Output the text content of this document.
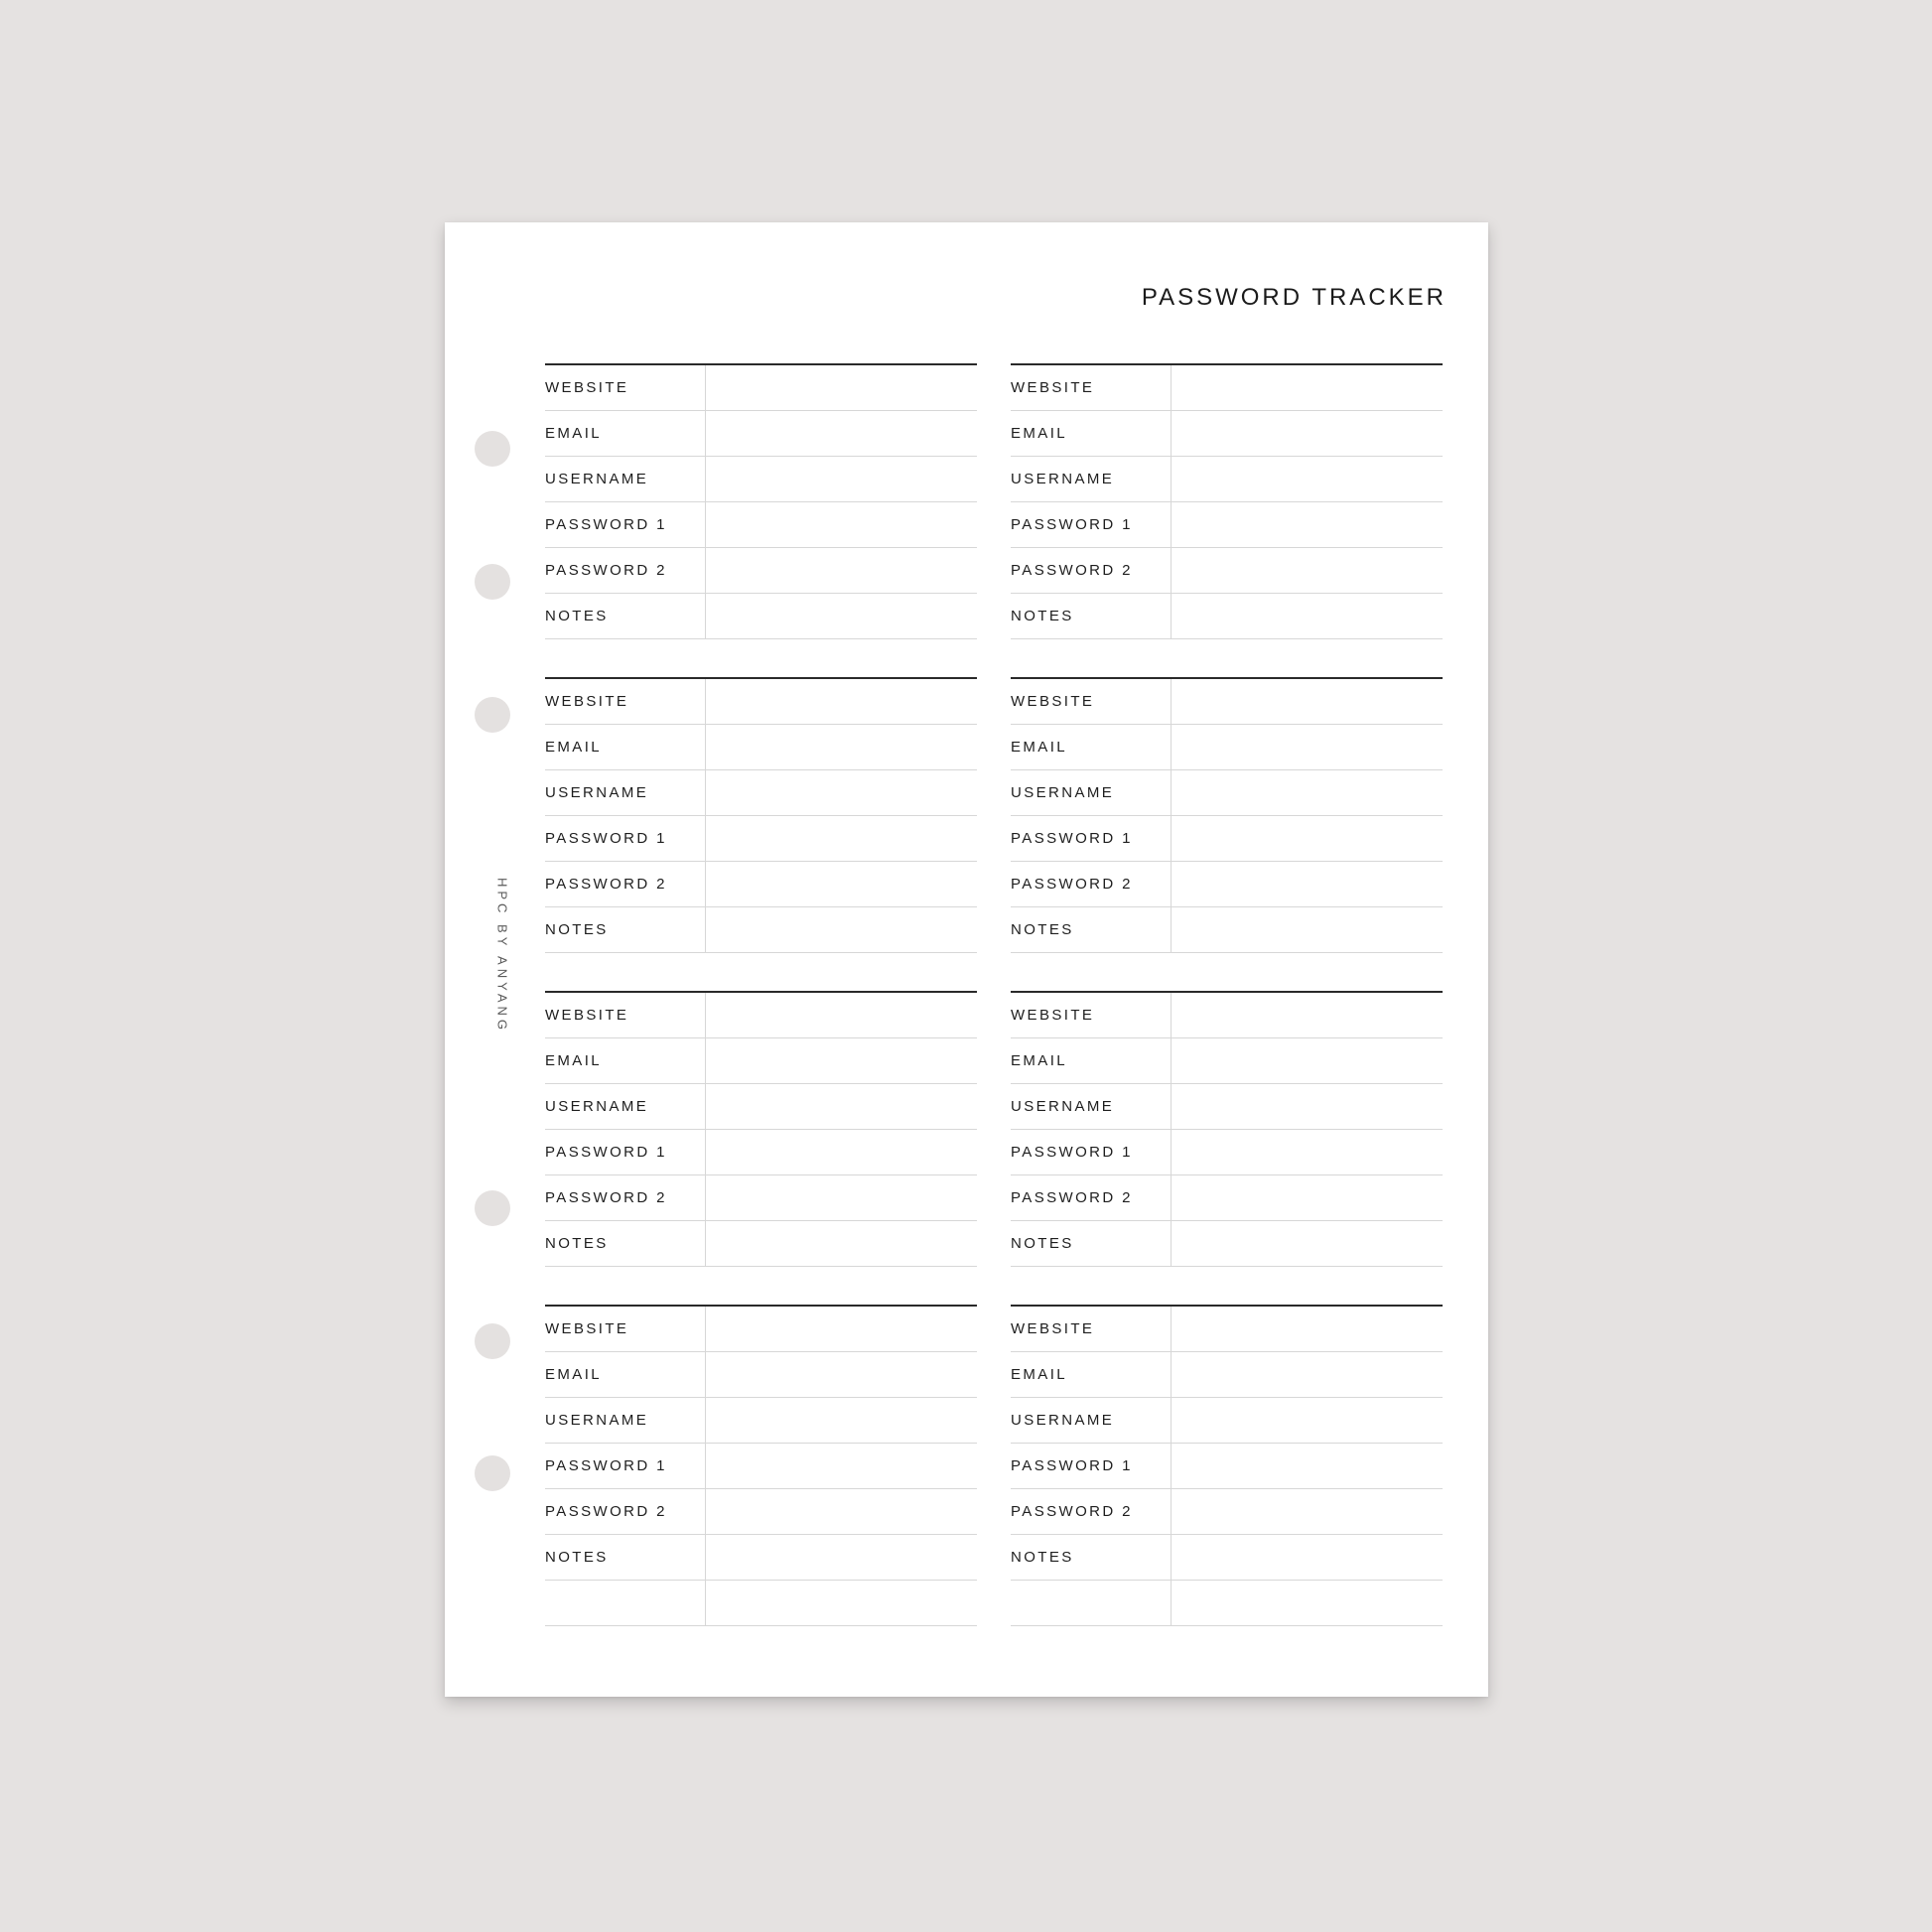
PASSWORD TRACKER
HPC BY ANYANG
WEBSITE
EMAIL
USERNAME
PASSWORD 1
PASSWORD 2
NOTES
WEBSITE
EMAIL
USERNAME
PASSWORD 1
PASSWORD 2
NOTES
WEBSITE
EMAIL
USERNAME
PASSWORD 1
PASSWORD 2
NOTES
WEBSITE
EMAIL
USERNAME
PASSWORD 1
PASSWORD 2
NOTES
WEBSITE
EMAIL
USERNAME
PASSWORD 1
PASSWORD 2
NOTES
WEBSITE
EMAIL
USERNAME
PASSWORD 1
PASSWORD 2
NOTES
WEBSITE
EMAIL
USERNAME
PASSWORD 1
PASSWORD 2
NOTES
WEBSITE
EMAIL
USERNAME
PASSWORD 1
PASSWORD 2
NOTES
